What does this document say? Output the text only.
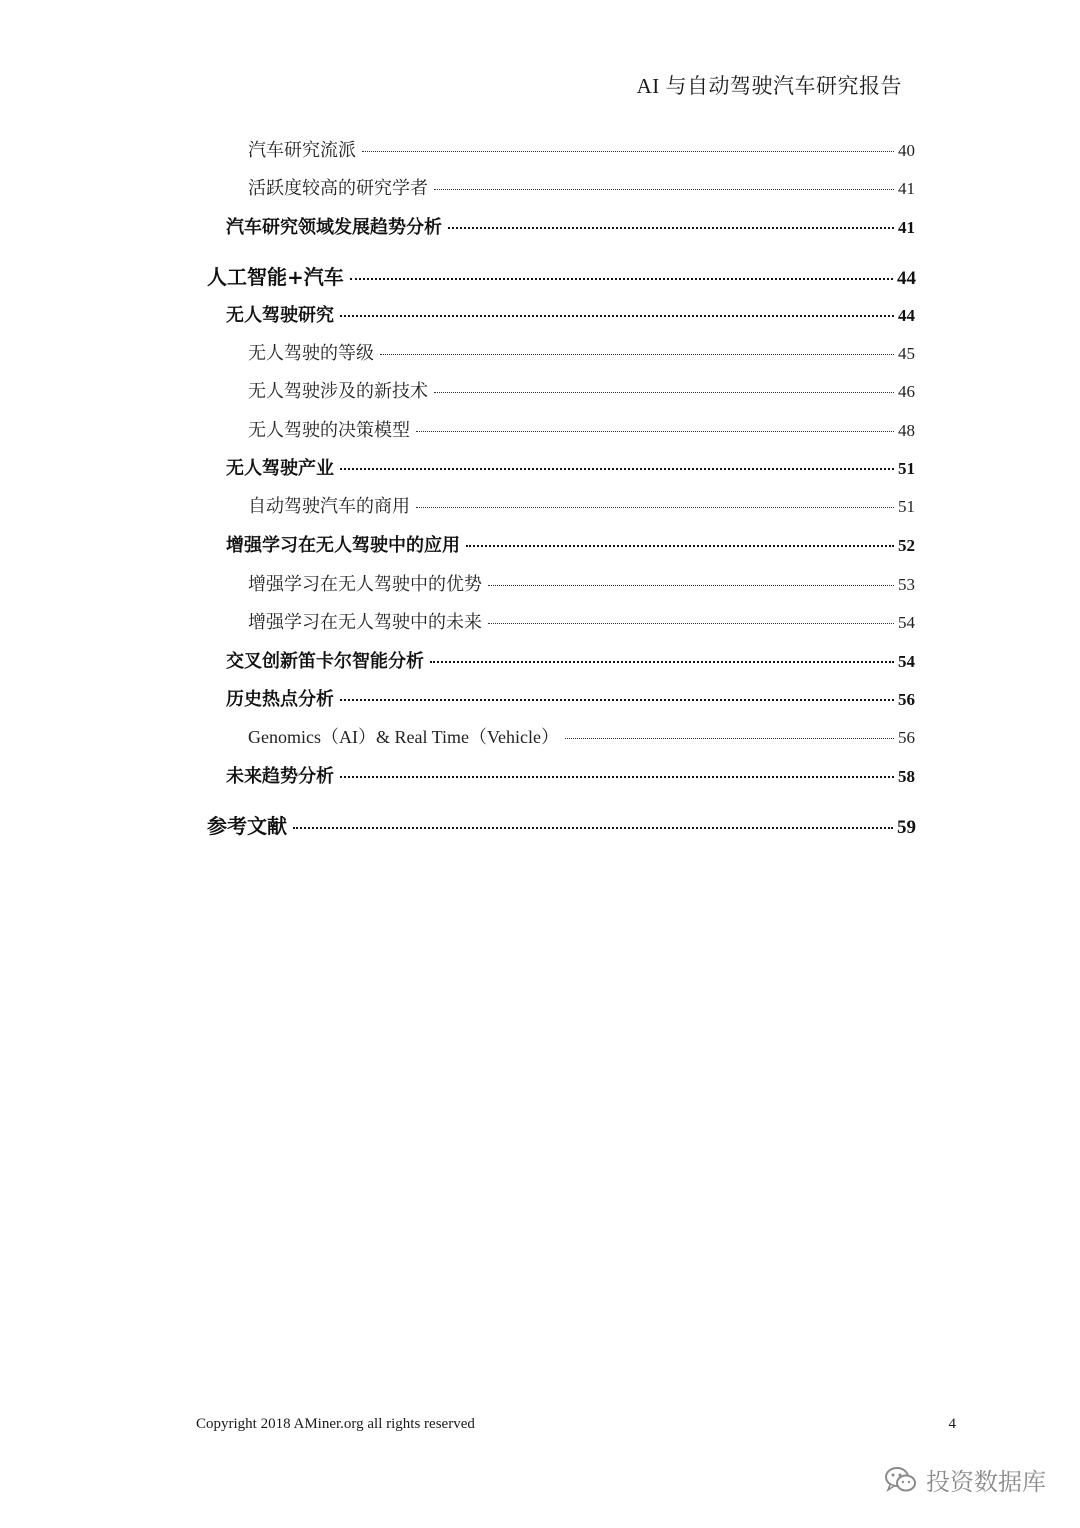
AI 与自动驾驶汽车研究报告
汽车研究流派	40
活跃度较高的研究学者	41
汽车研究领域发展趋势分析	41
人工智能+汽车	44
无人驾驶研究	44
无人驾驶的等级	45
无人驾驶涉及的新技术	46
无人驾驶的决策模型	48
无人驾驶产业	51
自动驾驶汽车的商用	51
增强学习在无人驾驶中的应用	52
增强学习在无人驾驶中的优势	53
增强学习在无人驾驶中的未来	54
交叉创新笛卡尔智能分析	54
历史热点分析	56
Genomics（AI）& Real Time（Vehicle）	56
未来趋势分析	58
参考文献	59
Copyright 2018 AMiner.org all rights reserved	4
投资数据库
